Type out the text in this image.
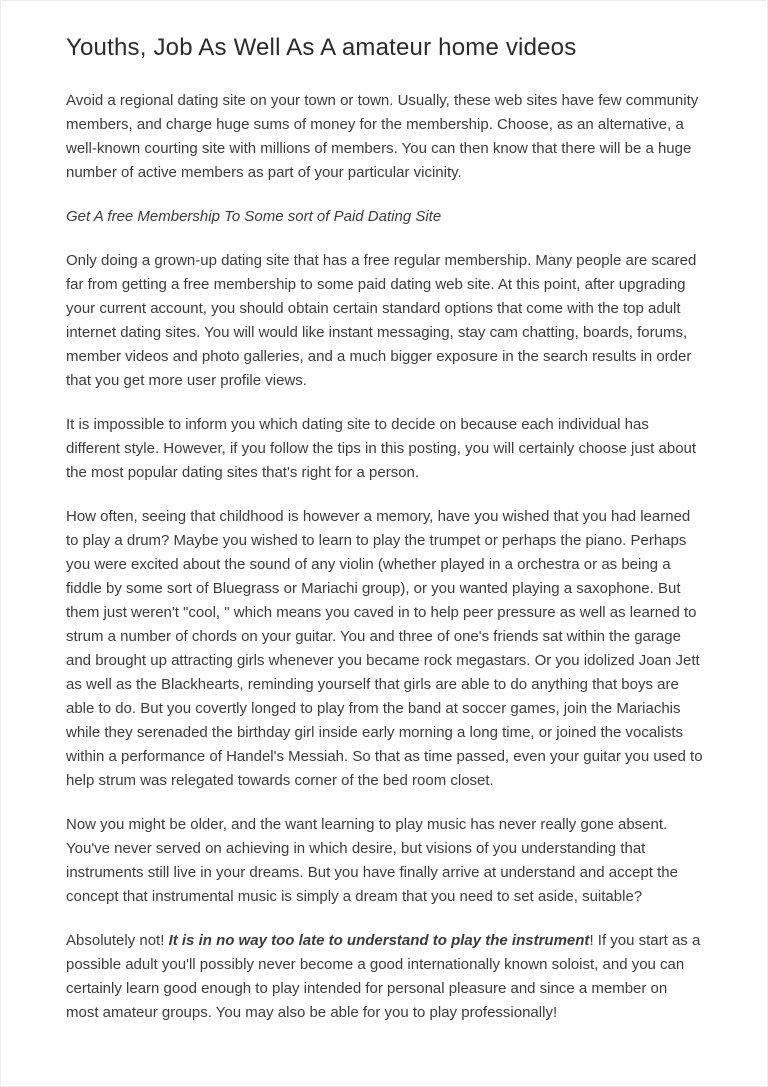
Youths, Job As Well As A amateur home videos

Avoid a regional dating site on your town or town. Usually, these web sites have few community members, and charge huge sums of money for the membership. Choose, as an alternative, a well-known courting site with millions of members. You can then know that there will be a huge number of active members as part of your particular vicinity.

Get A free Membership To Some sort of Paid Dating Site

Only doing a grown-up dating site that has a free regular membership. Many people are scared far from getting a free membership to some paid dating web site. At this point, after upgrading your current account, you should obtain certain standard options that come with the top adult internet dating sites. You will would like instant messaging, stay cam chatting, boards, forums, member videos and photo galleries, and a much bigger exposure in the search results in order that you get more user profile views.

It is impossible to inform you which dating site to decide on because each individual has different style. However, if you follow the tips in this posting, you will certainly choose just about the most popular dating sites that's right for a person.

How often, seeing that childhood is however a memory, have you wished that you had learned to play a drum? Maybe you wished to learn to play the trumpet or perhaps the piano. Perhaps you were excited about the sound of any violin (whether played in a orchestra or as being a fiddle by some sort of Bluegrass or Mariachi group), or you wanted playing a saxophone. But them just weren't "cool, " which means you caved in to help peer pressure as well as learned to strum a number of chords on your guitar. You and three of one's friends sat within the garage and brought up attracting girls whenever you became rock megastars. Or you idolized Joan Jett as well as the Blackhearts, reminding yourself that girls are able to do anything that boys are able to do. But you covertly longed to play from the band at soccer games, join the Mariachis while they serenaded the birthday girl inside early morning a long time, or joined the vocalists within a performance of Handel's Messiah. So that as time passed, even your guitar you used to help strum was relegated towards corner of the bed room closet.

Now you might be older, and the want learning to play music has never really gone absent. You've never served on achieving in which desire, but visions of you understanding that instruments still live in your dreams. But you have finally arrive at understand and accept the concept that instrumental music is simply a dream that you need to set aside, suitable?

Absolutely not! It is in no way too late to understand to play the instrument! If you start as a possible adult you'll possibly never become a good internationally known soloist, and you can certainly learn good enough to play intended for personal pleasure and since a member on most amateur groups. You may also be able for you to play professionally!
